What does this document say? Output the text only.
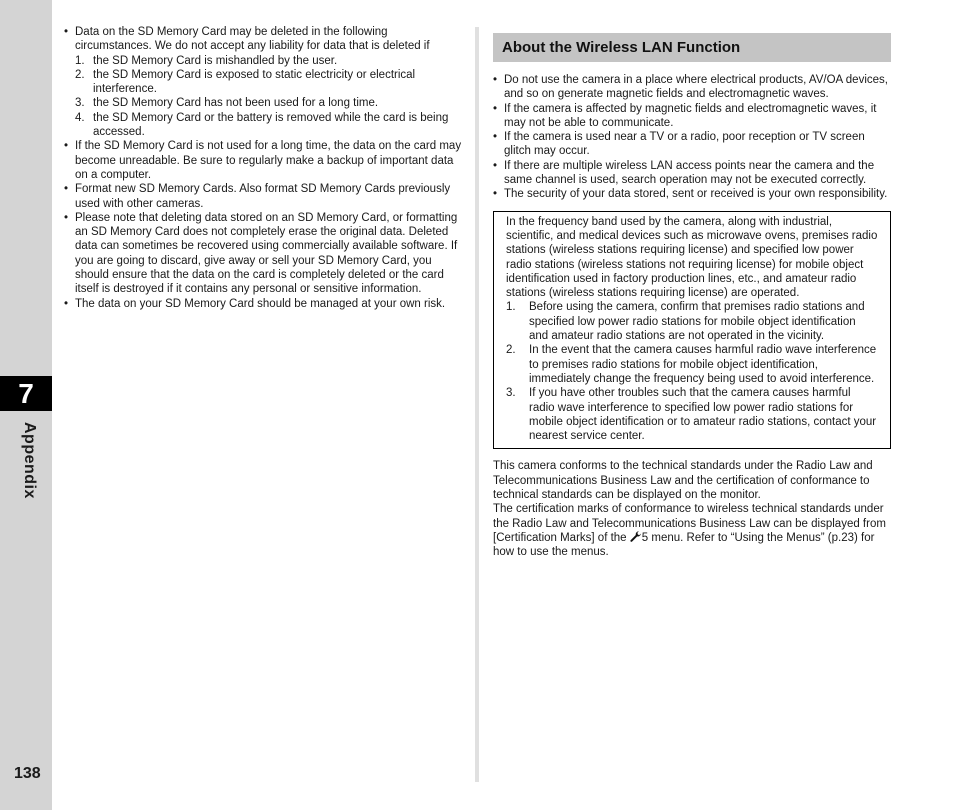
7
Appendix
138
• Data on the SD Memory Card may be deleted in the following circumstances. We do not accept any liability for data that is deleted if
1. the SD Memory Card is mishandled by the user.
2. the SD Memory Card is exposed to static electricity or electrical interference.
3. the SD Memory Card has not been used for a long time.
4. the SD Memory Card or the battery is removed while the card is being accessed.
• If the SD Memory Card is not used for a long time, the data on the card may become unreadable. Be sure to regularly make a backup of important data on a computer.
• Format new SD Memory Cards. Also format SD Memory Cards previously used with other cameras.
• Please note that deleting data stored on an SD Memory Card, or formatting an SD Memory Card does not completely erase the original data. Deleted data can sometimes be recovered using commercially available software. If you are going to discard, give away or sell your SD Memory Card, you should ensure that the data on the card is completely deleted or the card itself is destroyed if it contains any personal or sensitive information.
• The data on your SD Memory Card should be managed at your own risk.
About the Wireless LAN Function
• Do not use the camera in a place where electrical products, AV/OA devices, and so on generate magnetic fields and electromagnetic waves.
• If the camera is affected by magnetic fields and electromagnetic waves, it may not be able to communicate.
• If the camera is used near a TV or a radio, poor reception or TV screen glitch may occur.
• If there are multiple wireless LAN access points near the camera and the same channel is used, search operation may not be executed correctly.
• The security of your data stored, sent or received is your own responsibility.
In the frequency band used by the camera, along with industrial, scientific, and medical devices such as microwave ovens, premises radio stations (wireless stations requiring license) and specified low power radio stations (wireless stations not requiring license) for mobile object identification used in factory production lines, etc., and amateur radio stations (wireless stations requiring license) are operated.
1. Before using the camera, confirm that premises radio stations and specified low power radio stations for mobile object identification and amateur radio stations are not operated in the vicinity.
2. In the event that the camera causes harmful radio wave interference to premises radio stations for mobile object identification, immediately change the frequency being used to avoid interference.
3. If you have other troubles such that the camera causes harmful radio wave interference to specified low power radio stations for mobile object identification or to amateur radio stations, contact your nearest service center.
This camera conforms to the technical standards under the Radio Law and Telecommunications Business Law and the certification of conformance to technical standards can be displayed on the monitor.
The certification marks of conformance to wireless technical standards under the Radio Law and Telecommunications Business Law can be displayed from [Certification Marks] of the 5 menu. Refer to “Using the Menus” (p.23) for how to use the menus.
